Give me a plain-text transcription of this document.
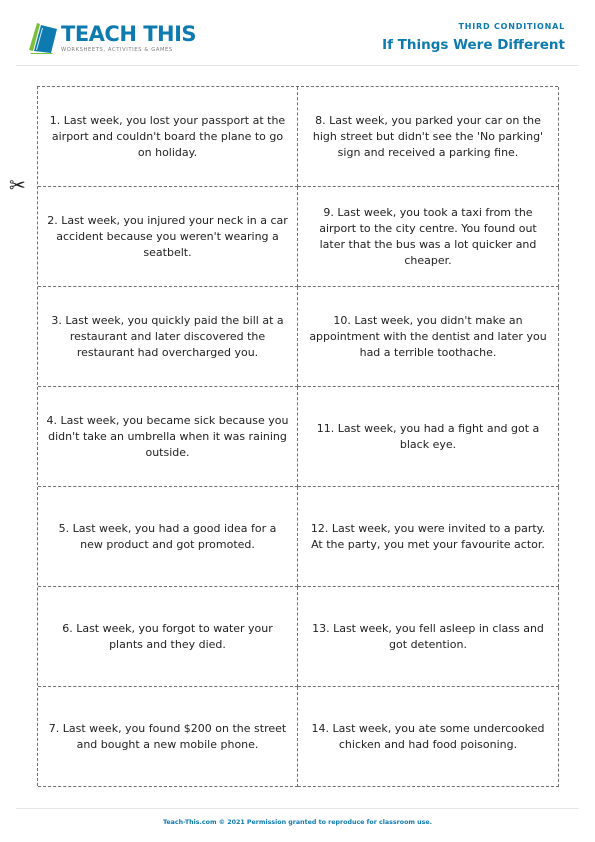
TEACH THIS
WORKSHEETS, ACTIVITIES & GAMES
THIRD CONDITIONAL
If Things Were Different
✂
1. Last week, you lost your passport at the airport and couldn't board the plane to go on holiday.
8. Last week, you parked your car on the high street but didn't see the 'No parking' sign and received a parking fine.
2. Last week, you injured your neck in a car accident because you weren't wearing a seatbelt.
9. Last week, you took a taxi from the airport to the city centre. You found out later that the bus was a lot quicker and cheaper.
3. Last week, you quickly paid the bill at a restaurant and later discovered the restaurant had overcharged you.
10. Last week, you didn't make an appointment with the dentist and later you had a terrible toothache.
4. Last week, you became sick because you didn't take an umbrella when it was raining outside.
11. Last week, you had a fight and got a black eye.
5. Last week, you had a good idea for a new product and got promoted.
12. Last week, you were invited to a party. At the party, you met your favourite actor.
6. Last week, you forgot to water your plants and they died.
13. Last week, you fell asleep in class and got detention.
7. Last week, you found $200 on the street and bought a new mobile phone.
14. Last week, you ate some undercooked chicken and had food poisoning.
Teach-This.com © 2021 Permission granted to reproduce for classroom use.
